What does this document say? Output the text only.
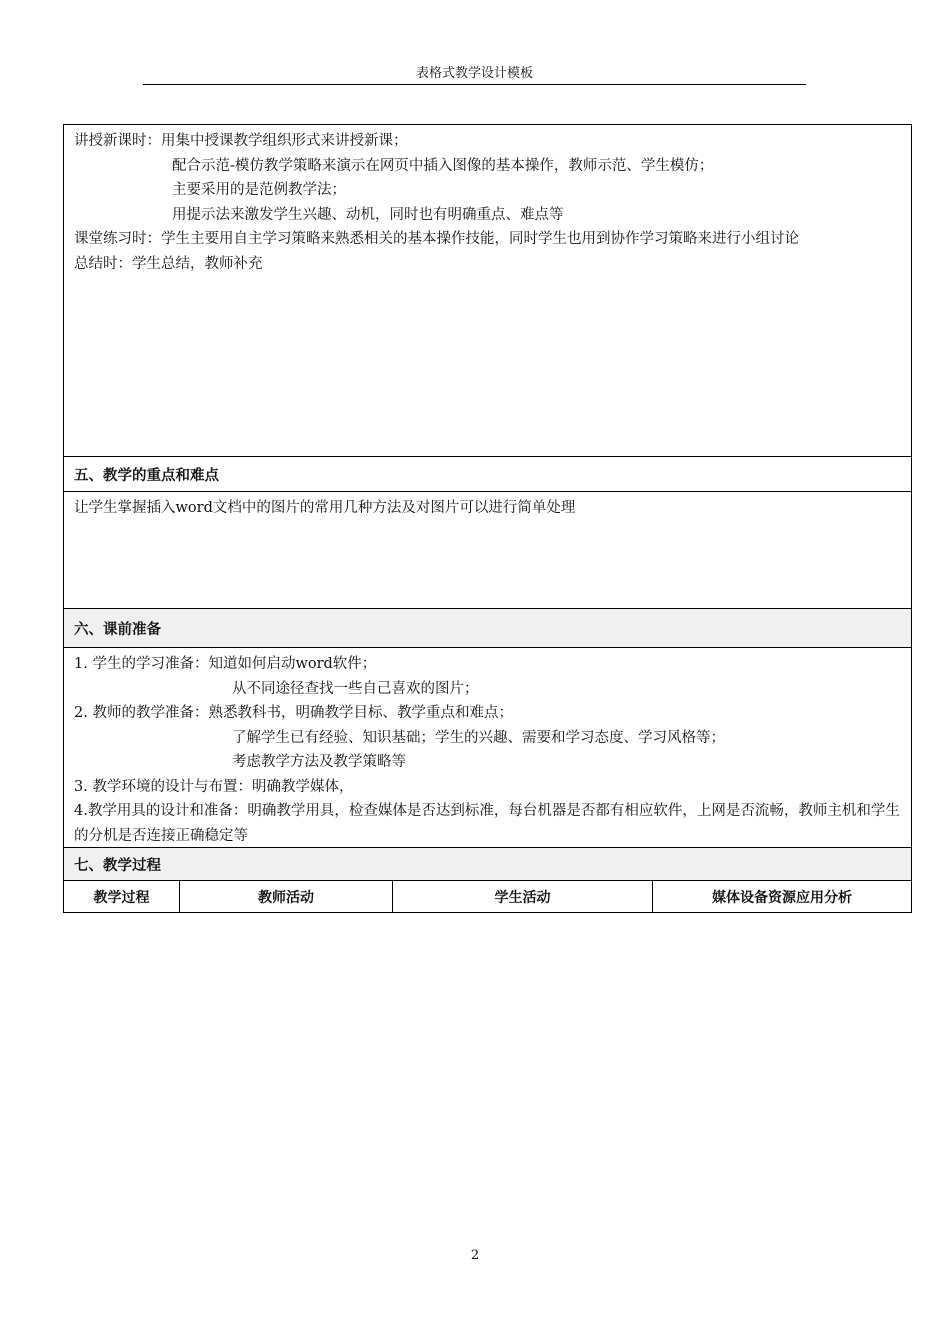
表格式教学设计模板

讲授新课时：用集中授课教学组织形式来讲授新课；

配合示范-模仿教学策略来演示在网页中插入图像的基本操作，教师示范、学生模仿；

主要采用的是范例教学法；

用提示法来激发学生兴趣、动机，同时也有明确重点、难点等

课堂练习时：学生主要用自主学习策略来熟悉相关的基本操作技能，同时学生也用到协作学习策略来进行小组讨论

总结时：学生总结，教师补充

五、教学的重点和难点

让学生掌握插入word文档中的图片的常用几种方法及对图片可以进行简单处理

六、课前准备

1. 学生的学习准备：知道如何启动word软件；

从不同途径查找一些自己喜欢的图片；

2. 教师的教学准备：熟悉教科书，明确教学目标、教学重点和难点；

了解学生已有经验、知识基础；学生的兴趣、需要和学习态度、学习风格等；

考虑教学方法及教学策略等

3. 教学环境的设计与布置：明确教学媒体，

4.教学用具的设计和准备：明确教学用具，检查媒体是否达到标准，每台机器是否都有相应软件，上网是否流畅，教师主机和学生的分机是否连接正确稳定等

七、教学过程
教学过程	教师活动	学生活动	媒体设备资源应用分析
2
